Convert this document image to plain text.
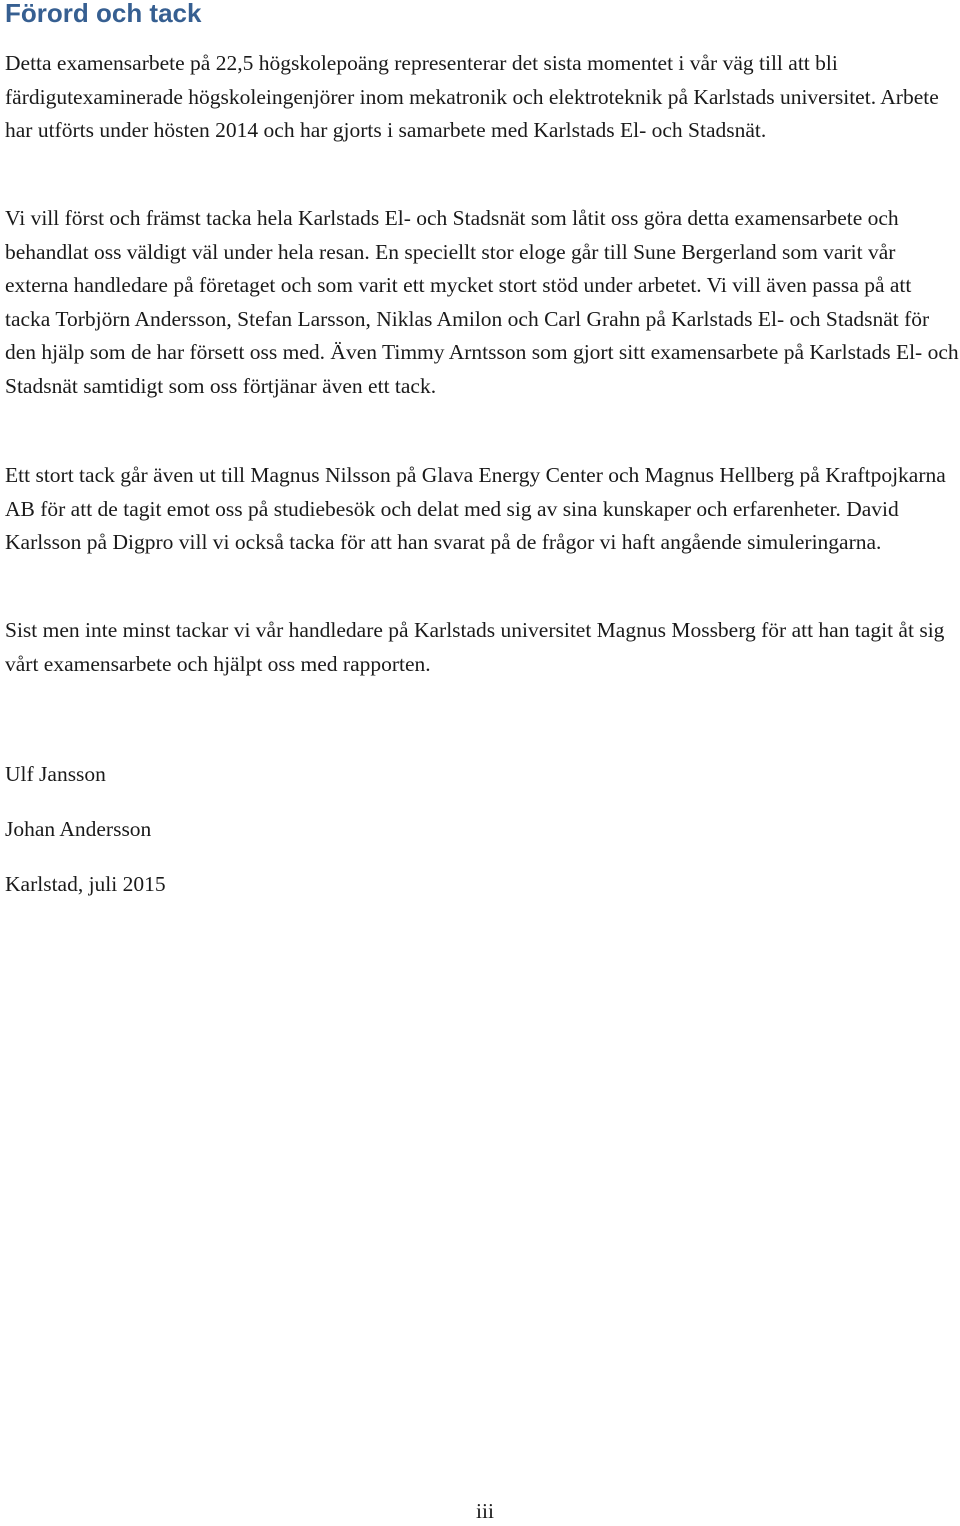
Förord och tack

Detta examensarbete på 22,5 högskolepoäng representerar det sista momentet i vår väg till att bli färdigutexaminerade högskoleingenjörer inom mekatronik och elektroteknik på Karlstads universitet. Arbete har utförts under hösten 2014 och har gjorts i samarbete med Karlstads El- och Stadsnät.

Vi vill först och främst tacka hela Karlstads El- och Stadsnät som låtit oss göra detta examensarbete och behandlat oss väldigt väl under hela resan. En speciellt stor eloge går till Sune Bergerland som varit vår externa handledare på företaget och som varit ett mycket stort stöd under arbetet. Vi vill även passa på att tacka Torbjörn Andersson, Stefan Larsson, Niklas Amilon och Carl Grahn på Karlstads El- och Stadsnät för den hjälp som de har försett oss med. Även Timmy Arntsson som gjort sitt examensarbete på Karlstads El- och Stadsnät samtidigt som oss förtjänar även ett tack.

Ett stort tack går även ut till Magnus Nilsson på Glava Energy Center och Magnus Hellberg på Kraftpojkarna AB för att de tagit emot oss på studiebesök och delat med sig av sina kunskaper och erfarenheter. David Karlsson på Digpro vill vi också tacka för att han svarat på de frågor vi haft angående simuleringarna.

Sist men inte minst tackar vi vår handledare på Karlstads universitet Magnus Mossberg för att han tagit åt sig vårt examensarbete och hjälpt oss med rapporten.

Ulf Jansson

Johan Andersson

Karlstad, juli 2015

iii
